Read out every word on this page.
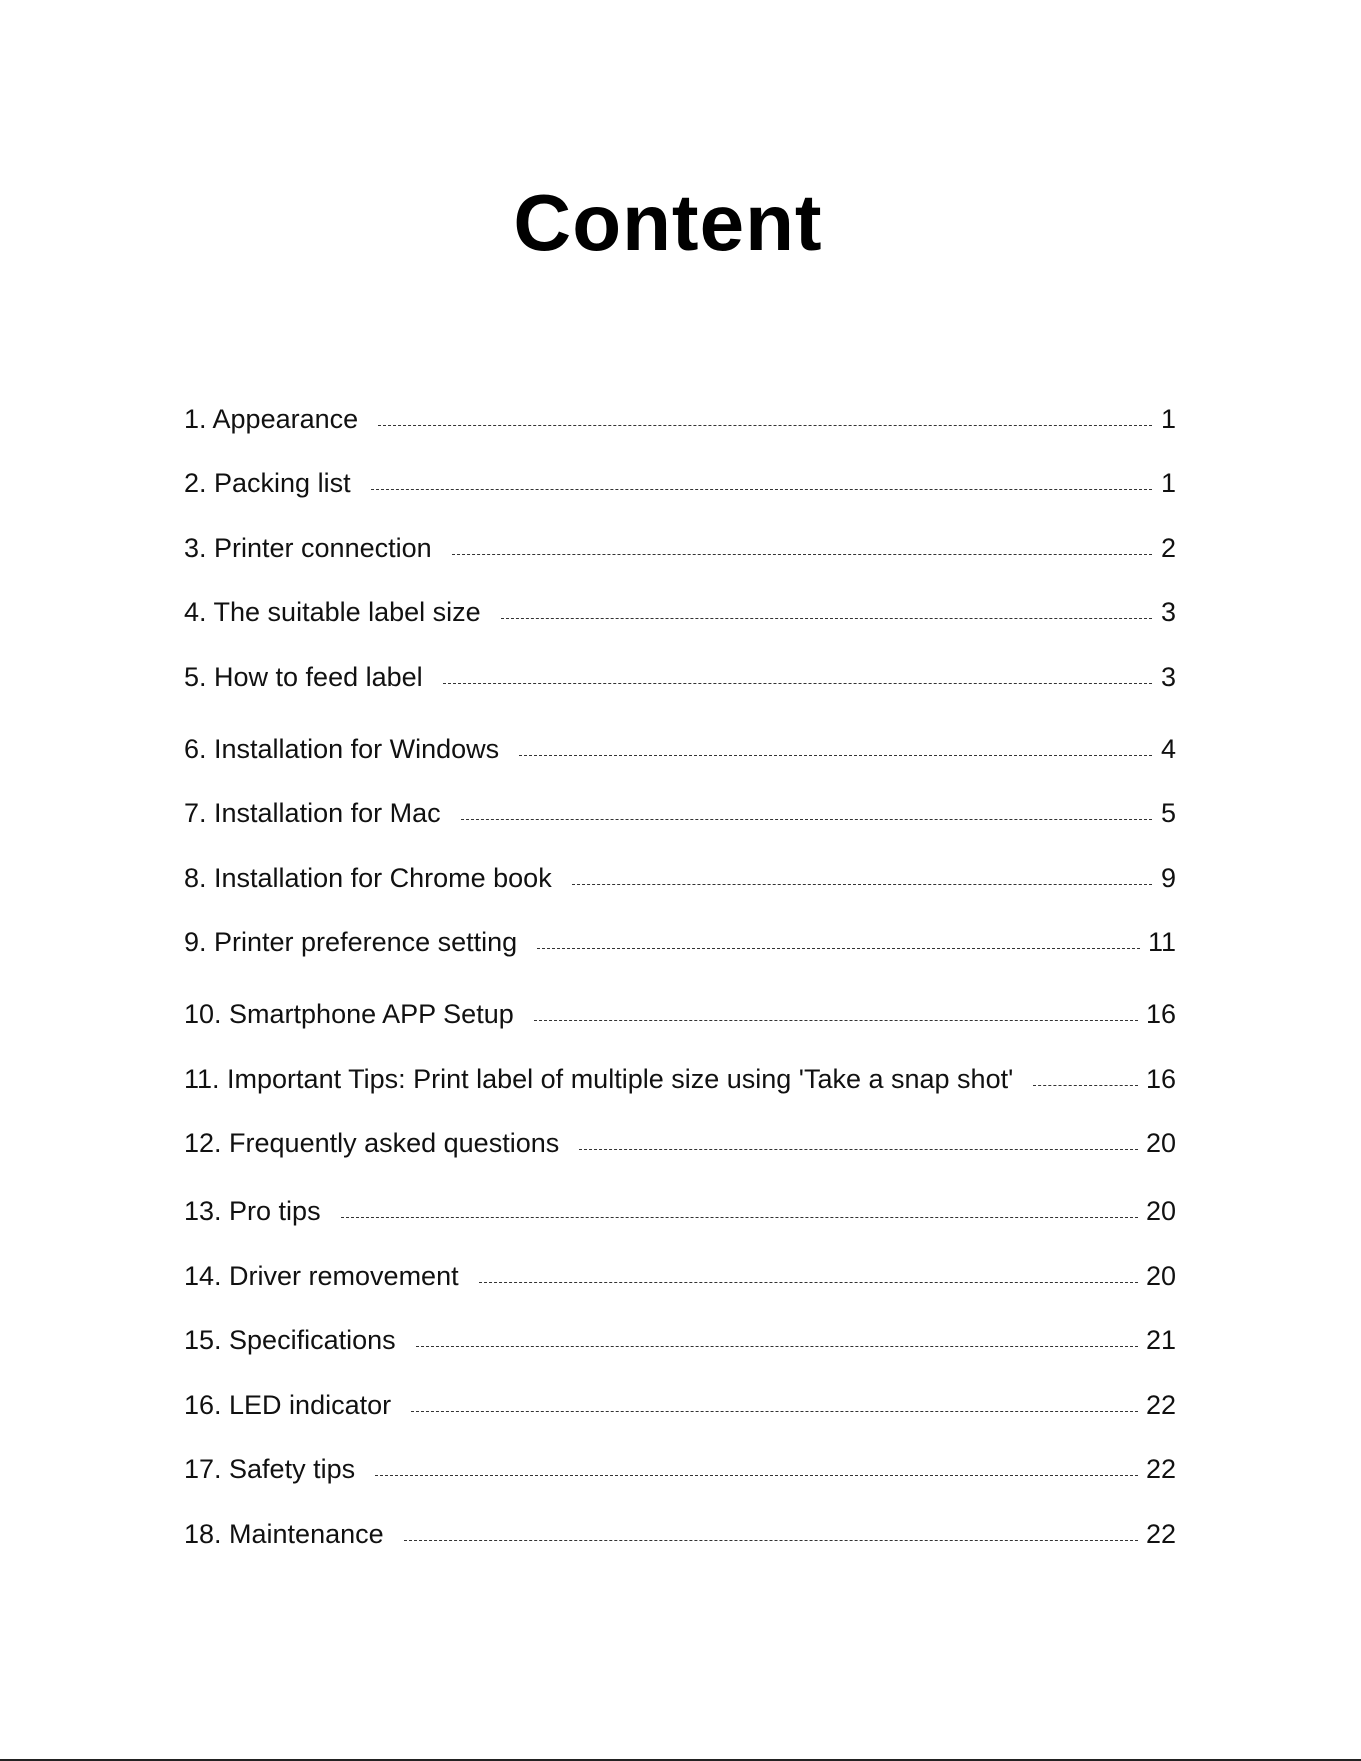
Content
1. Appearance	1
2. Packing list	1
3. Printer connection	2
4. The suitable label size	3
5. How to feed label	3
6. Installation for Windows	4
7. Installation for Mac	5
8. Installation for Chrome book	9
9. Printer preference setting	11
10. Smartphone APP Setup	16
11. Important Tips: Print label of multiple size using 'Take a snap shot'	16
12. Frequently asked questions	20
13. Pro tips	20
14. Driver removement	20
15. Specifications	21
16. LED indicator	22
17. Safety tips	22
18. Maintenance	22
